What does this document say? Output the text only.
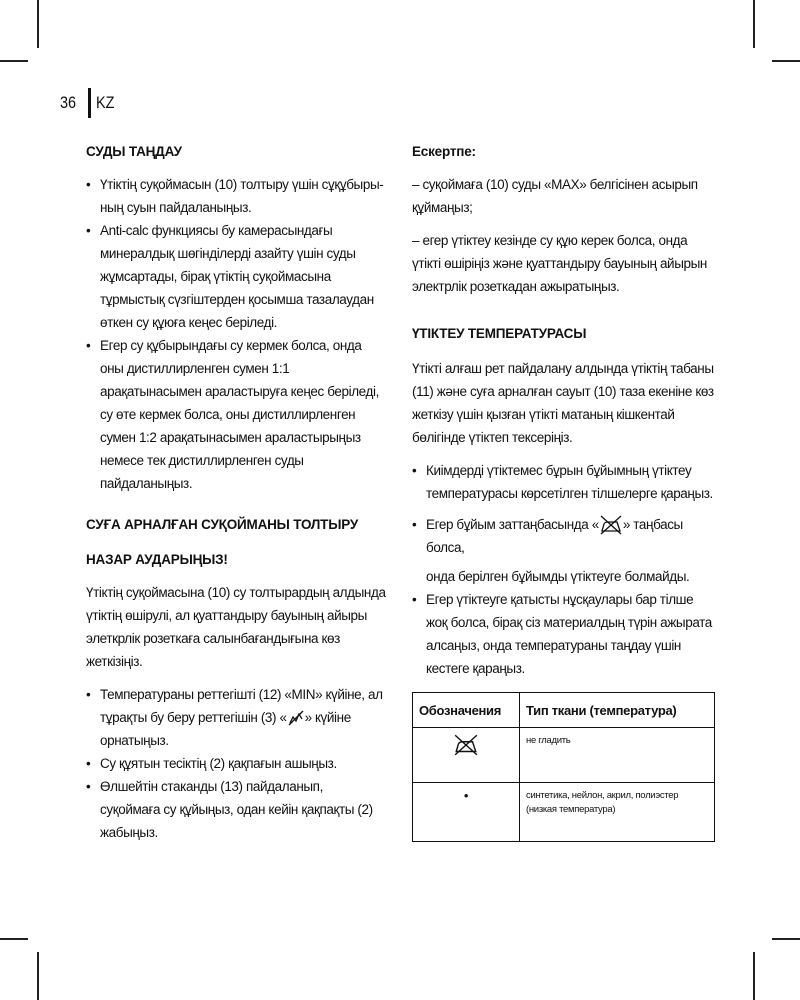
36	KZ
СУДЫ ТАҢДАУ
• Үтіктің суқоймасын (10) толтыру үшін сұқұбырының суын пайдаланыңыз.
• Anti-calc функциясы бу камерасындағы минералдық шөгінділерді азайту үшін суды жұмсартады, бірақ үтіктің суқоймасына тұрмыстық сүзгіштерден қосымша тазалаудан өткен су құюға кеңес беріледі.
• Егер су құбырындағы су кермек болса, онда оны дистиллирленген сумен 1:1 арақатынасымен араластыруға кеңес беріледі, су өте кермек болса, оны дистиллирленген сумен 1:2 арақатынасымен араластырыңыз немесе тек дистиллирленген суды пайдаланыңыз.
СУҒА АРНАЛҒАН СУҚОЙМАНЫ ТОЛТЫРУ
НАЗАР АУДАРЫҢЫЗ!

Үтіктің суқоймасына (10) су толтырардың алдында үтіктің өшірулі, ал қуаттандыру бауының айыры элеткрлік розеткаға салынбағандығына көз жеткізіңіз.

• Температураны реттегішті (12) «MIN» күйіне, ал тұрақты бу беру реттегішін (3) « » күйіне орнатыңыз.
• Су құятын тесіктің (2) қақпағын ашыңыз.
• Өлшейтін стаканды (13) пайдаланып, суқоймаға су құйыңыз, одан кейін қақпақты (2) жабыңыз.
Ескертпе:

– суқоймаға (10) суды «MAX» белгісінен асырып құймаңыз;

– егер үтіктеу кезінде су құю керек болса, онда үтікті өшіріңіз және қуаттандыру бауының айырын электрлік розеткадан ажыратыңыз.

ҮТІКТЕУ ТЕМПЕРАТУРАСЫ

Үтікті алғаш рет пайдалану алдында үтіктің табаны (11) және суға арналған сауыт (10) таза екеніне көз жеткізу үшін қызған үтікті матаның кішкентай бөлігінде үтіктеп тексеріңіз.

• Киімдерді үтіктемес бұрын бұйымның үтіктеу температурасы көрсетілген тілшелерге қараңыз.
• Егер бұйым заттаңбасында « » таңбасы болса,
онда берілген бұйымды үтіктеуге болмайды.
• Егер үтіктеуге қатысты нұсқаулары бар тілше жоқ болса, бірақ сіз материалдың түрін ажырата алсаңыз, онда температураны таңдау үшін кестеге қараңыз.
Обозначения	Тип ткани (температура)
	не гладить
•	синтетика, нейлон, акрил, полиэстер (низкая температура)
